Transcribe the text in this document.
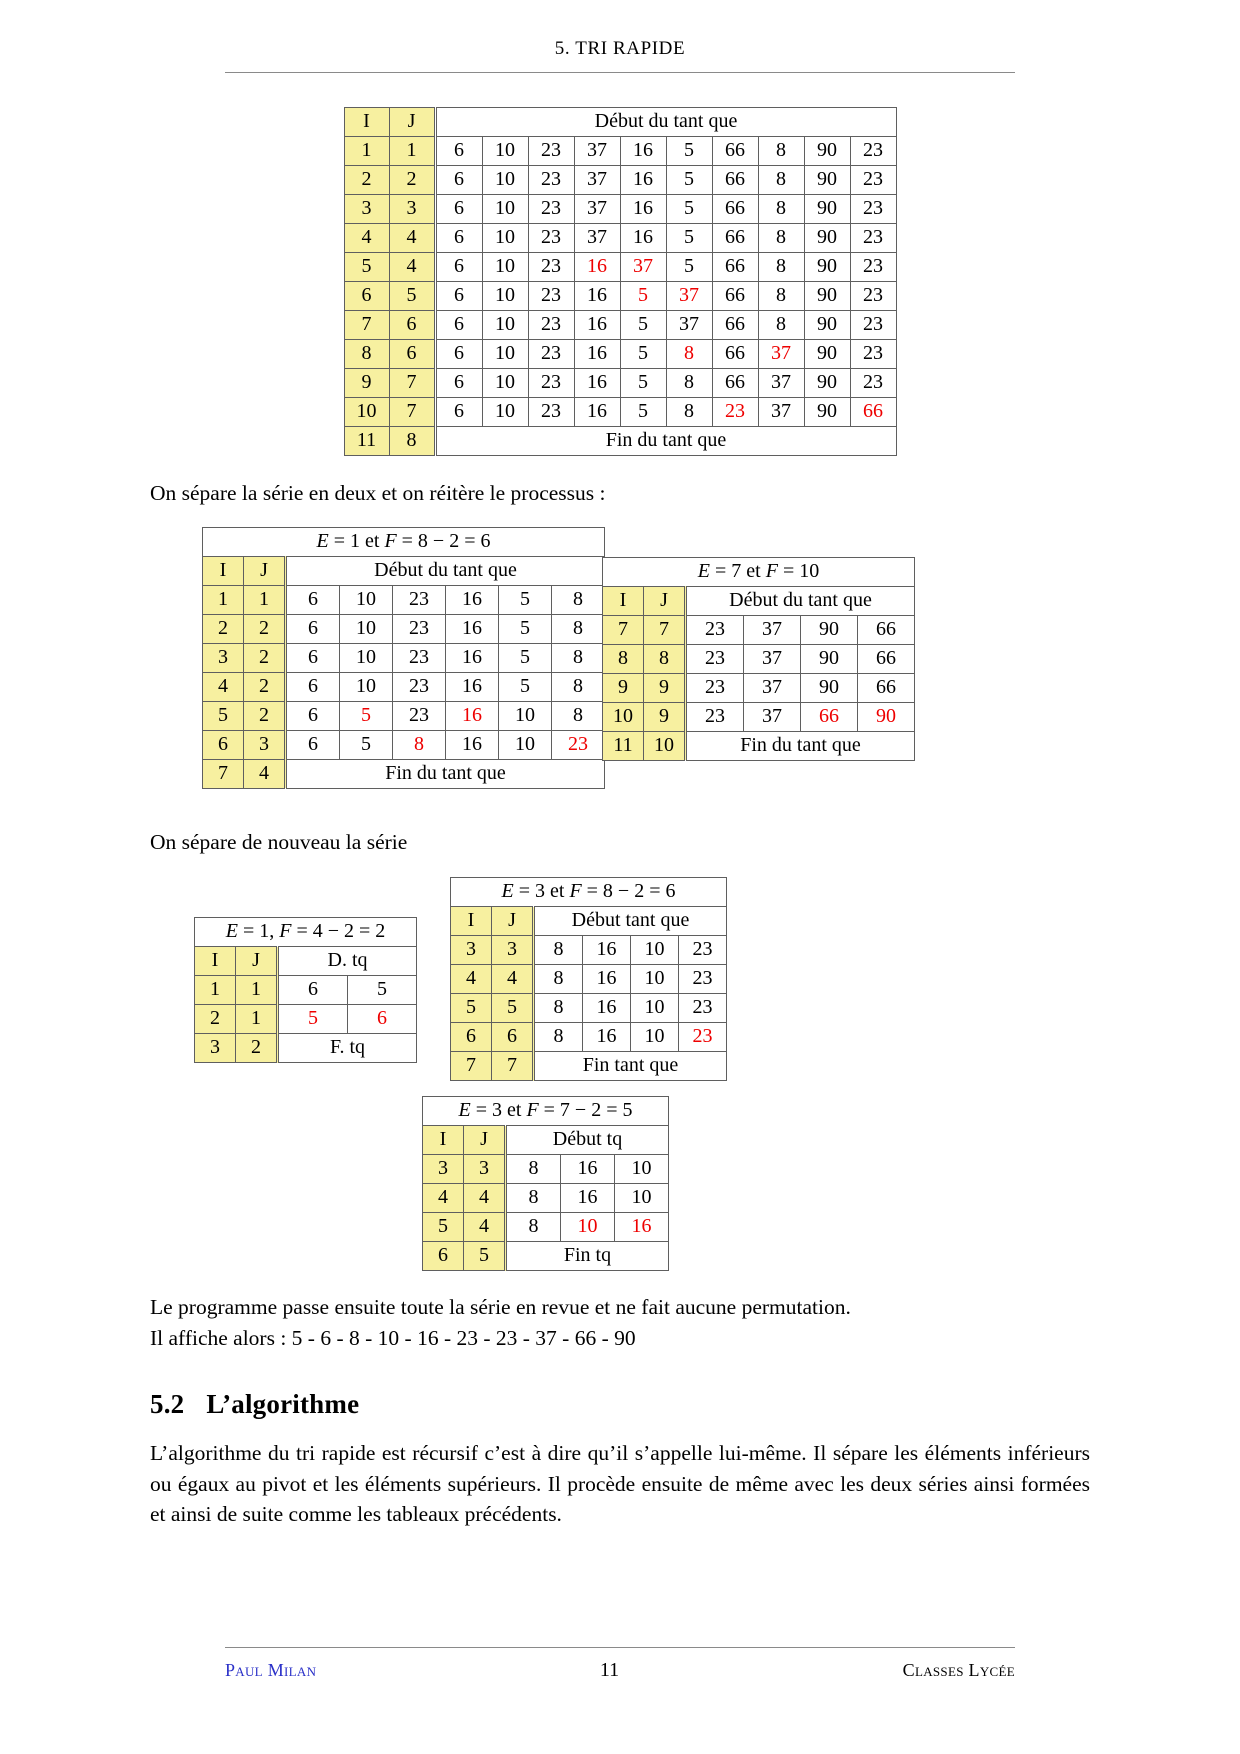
5. TRI RAPIDE
I	J	Début du tant que									
1	1	6	10	23	37	16	5	66	8	90	23
2	2	6	10	23	37	16	5	66	8	90	23
3	3	6	10	23	37	16	5	66	8	90	23
4	4	6	10	23	37	16	5	66	8	90	23
5	4	6	10	23	16	37	5	66	8	90	23
6	5	6	10	23	16	5	37	66	8	90	23
7	6	6	10	23	16	5	37	66	8	90	23
8	6	6	10	23	16	5	8	66	37	90	23
9	7	6	10	23	16	5	8	66	37	90	23
10	7	6	10	23	16	5	8	23	37	90	66
11	8	Fin du tant que									

On sépare la série en deux et on réitère le processus :

E = 1 et F = 8 − 2 = 6							
I	J	Début du tant que					
1	1	6	10	23	16	5	8
2	2	6	10	23	16	5	8
3	2	6	10	23	16	5	8
4	2	6	10	23	16	5	8
5	2	6	5	23	16	10	8
6	3	6	5	8	16	10	23
7	4	Fin du tant que					
E = 7 et F = 10					
I	J	Début du tant que			
7	7	23	37	90	66
8	8	23	37	90	66
9	9	23	37	90	66
10	9	23	37	66	90
11	10	Fin du tant que			

On sépare de nouveau la série

E = 1, F = 4 − 2 = 2			
I	J	D. tq	
1	1	6	5
2	1	5	6
3	2	F. tq	
E = 3 et F = 8 − 2 = 6					
I	J	Début tant que			
3	3	8	16	10	23
4	4	8	16	10	23
5	5	8	16	10	23
6	6	8	16	10	23
7	7	Fin tant que			
E = 3 et F = 7 − 2 = 5				
I	J	Début tq		
3	3	8	16	10
4	4	8	16	10
5	4	8	10	16
6	5	Fin tq		

Le programme passe ensuite toute la série en revue et ne fait aucune permutation.
Il affiche alors : 5 - 6 - 8 - 10 - 16 - 23 - 23 - 37 - 66 - 90

5.2 L’algorithme

L’algorithme du tri rapide est récursif c’est à dire qu’il s’appelle lui-même. Il sépare les éléments inférieurs ou égaux au pivot et les éléments supérieurs. Il procède ensuite de même avec les deux séries ainsi formées et ainsi de suite comme les tableaux précédents.

Paul Milan	11	Classes Lycée
